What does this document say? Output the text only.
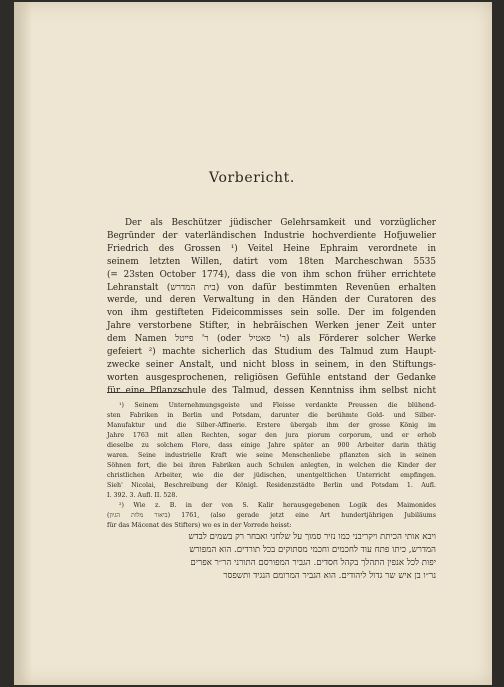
Vorbericht.
Der als Beschützer jüdischer Gelehrsamkeit und vorzüglicher
Begründer der vaterländischen Industrie hochverdiente Hofjuwelier
Friedrich des Grossen ¹) Veitel Heine Ephraim verordnete in
seinem letzten Willen, datirt vom 18ten Marcheschwan 5535
(= 23sten October 1774), dass die von ihm schon früher errichtete
Lehranstalt (בית המדרש) von dafür bestimmten Revenüen erhalten
werde, und deren Verwaltung in den Händen der Curatoren des
von ihm gestifteten Fideicommisses sein solle. Der im folgenden
Jahre verstorbene Stifter, in hebräischen Werken jener Zeit unter
dem Namen ר' פײטל (oder ר' פאטיל) als Förderer solcher Werke
gefeiert ²) machte sicherlich das Studium des Talmud zum Haupt-
zwecke seiner Anstalt, und nicht bloss in seinem, in den Stiftungs-
worten ausgesprochenen, religiösen Gefühle entstand der Gedanke
für eine Pflanzschule des Talmud, dessen Kenntniss ihm selbst nicht
¹) Seinem Unternehmungsgeiste und Fleisse verdankte Preussen die blühend-
sten Fabriken in Berlin und Potsdam, darunter die berühmte Gold- und Silber-
Manufaktur und die Silber-Affinerie. Erstere übergab ihm der grosse König im
Jahre 1763 mit allen Rechten, sogar den jura piorum corporum, und er erhob
dieselbe zu solchem Flore, dass einige Jahre später an 900 Arbeiter darin thätig
waren. Seine industrielle Kraft wie seine Menschenliebe pflanzten sich in seinen
Söhnen fort, die bei ihren Fabriken auch Schulen anlegten, in welchen die Kinder der
christlichen Arbeiter, wie die der jüdischen, unentgeltlichen Unterricht empfingen.
Sieh' Nicolai, Beschreibung der Königl. Residenzstädte Berlin und Potsdam 1. Aufl.
I. 392. 3. Aufl. II. 528.
²) Wie z. B. in der von S. Kalir herausgegebenen Logik des Maimonides
(ביאור מלות הגיון) 1761, (also gerade jetzt eine Art hundertjährigen Jubiläums
für das Mäcenat des Stifters) wo es in der Vorrede heisst:
ויבא אותי הכיתת ויקריבני כמו נזיר סמוך על שלחני ואבחר רק בשמים לבדש
המדרש, כיתו פתח עוד לחכמים וחכמי מסתוקים בכל תורדים. הוא המפורש
יפות לכל אנפין התהלך בקהל חסדים. הגביר המפורסם התורני הר״ר אפרים
נר״ו בן איש שר גדול ליהודים. הוא הגביר המרומם הנגיד ותשפסר
